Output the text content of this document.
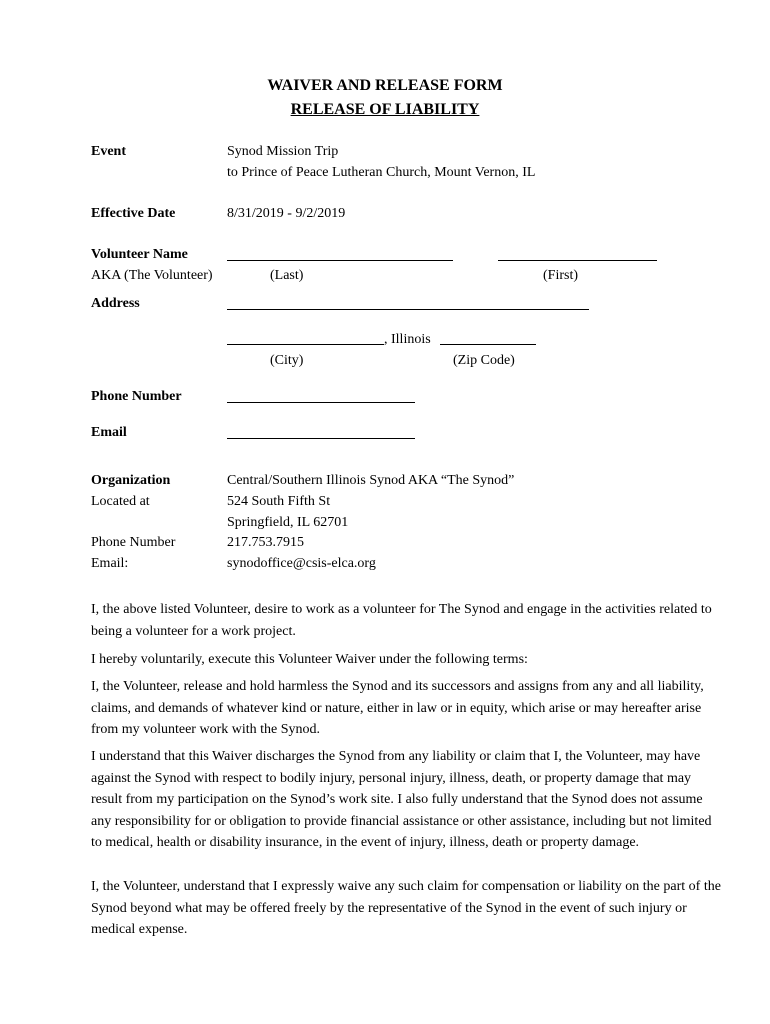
WAIVER AND RELEASE FORM
RELEASE OF LIABILITY
Event	Synod Mission Trip
to Prince of Peace Lutheran Church, Mount Vernon, IL
Effective Date	8/31/2019 - 9/2/2019
Volunteer Name
AKA (The Volunteer)	(Last)	(First)
Address
, Illinois
(City)	(Zip Code)
Phone Number
Email
Organization	Central/Southern Illinois Synod AKA “The Synod”
Located at	524 South Fifth St
Springfield, IL 62701
Phone Number	217.753.7915
Email:	synodoffice@csis-elca.org

I, the above listed Volunteer, desire to work as a volunteer for The Synod and engage in the activities related to being a volunteer for a work project.

I hereby voluntarily, execute this Volunteer Waiver under the following terms:

I, the Volunteer, release and hold harmless the Synod and its successors and assigns from any and all liability, claims, and demands of whatever kind or nature, either in law or in equity, which arise or may hereafter arise from my volunteer work with the Synod.

I understand that this Waiver discharges the Synod from any liability or claim that I, the Volunteer, may have against the Synod with respect to bodily injury, personal injury, illness, death, or property damage that may result from my participation on the Synod’s work site. I also fully understand that the Synod does not assume any responsibility for or obligation to provide financial assistance or other assistance, including but not limited to medical, health or disability insurance, in the event of injury, illness, death or property damage.

I, the Volunteer, understand that I expressly waive any such claim for compensation or liability on the part of the Synod beyond what may be offered freely by the representative of the Synod in the event of such injury or medical expense.
